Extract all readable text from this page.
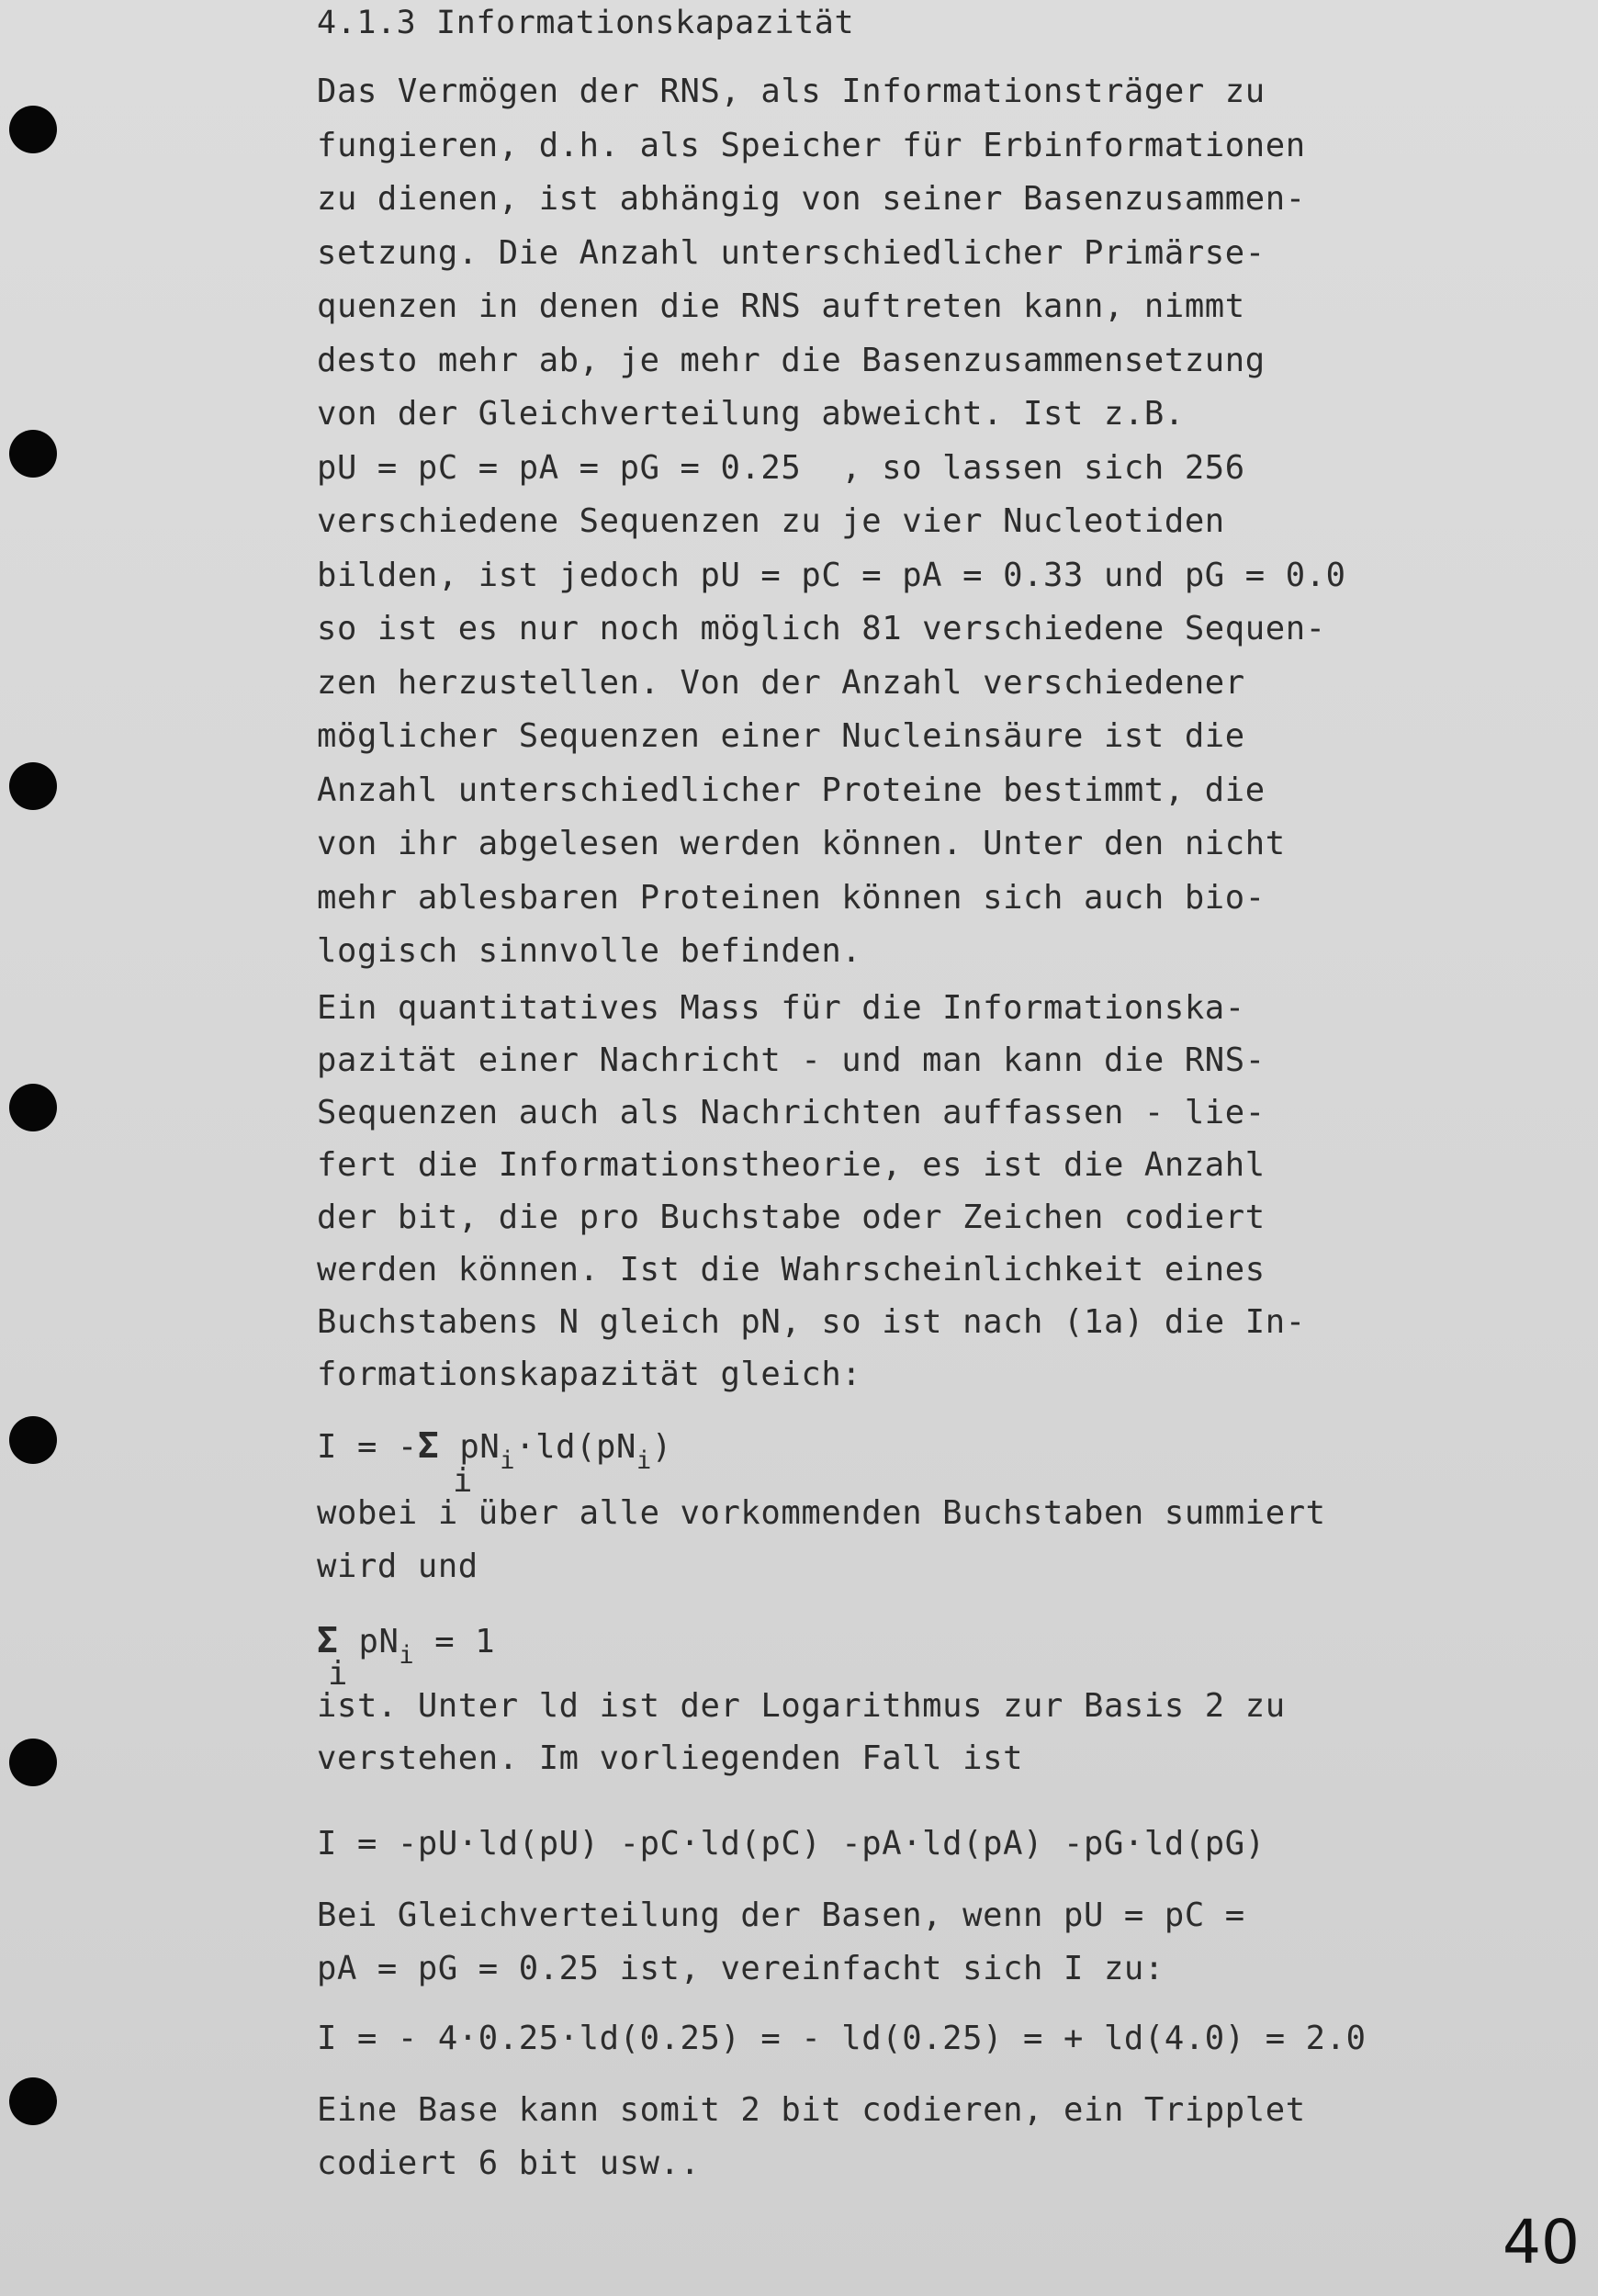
4.1.3 Informationskapazität
Das Vermögen der RNS, als Informationsträger zu
fungieren, d.h. als Speicher für Erbinformationen
zu dienen, ist abhängig von seiner Basenzusammen-
setzung. Die Anzahl unterschiedlicher Primärse-
quenzen in denen die RNS auftreten kann, nimmt
desto mehr ab, je mehr die Basenzusammensetzung
von der Gleichverteilung abweicht. Ist z.B.
pU = pC = pA = pG = 0.25  , so lassen sich 256
verschiedene Sequenzen zu je vier Nucleotiden
bilden, ist jedoch pU = pC = pA = 0.33 und pG = 0.0
so ist es nur noch möglich 81 verschiedene Sequen-
zen herzustellen. Von der Anzahl verschiedener
möglicher Sequenzen einer Nucleinsäure ist die
Anzahl unterschiedlicher Proteine bestimmt, die
von ihr abgelesen werden können. Unter den nicht
mehr ablesbaren Proteinen können sich auch bio-
logisch sinnvolle befinden.
Ein quantitatives Mass für die Informationska-
pazität einer Nachricht - und man kann die RNS-
Sequenzen auch als Nachrichten auffassen - lie-
fert die Informationstheorie, es ist die Anzahl
der bit, die pro Buchstabe oder Zeichen codiert
werden können. Ist die Wahrscheinlichkeit eines
Buchstabens N gleich pN, so ist nach (1a) die In-
formationskapazität gleich:
I = -Σ $pN_i\cdot ld(pN_i)$
i
wobei i über alle vorkommenden Buchstaben summiert
wird und
Σ $pN_i = 1$
i
ist. Unter ld ist der Logarithmus zur Basis 2 zu
verstehen. Im vorliegenden Fall ist
I = -pU·ld(pU) -pC·ld(pC) -pA·ld(pA) -pG·ld(pG)
Bei Gleichverteilung der Basen, wenn pU = pC =
pA = pG = 0.25 ist, vereinfacht sich I zu:
I = - 4·0.25·ld(0.25) = - ld(0.25) = + ld(4.0) = 2.0
Eine Base kann somit 2 bit codieren, ein Tripplet
codiert 6 bit usw..
40
